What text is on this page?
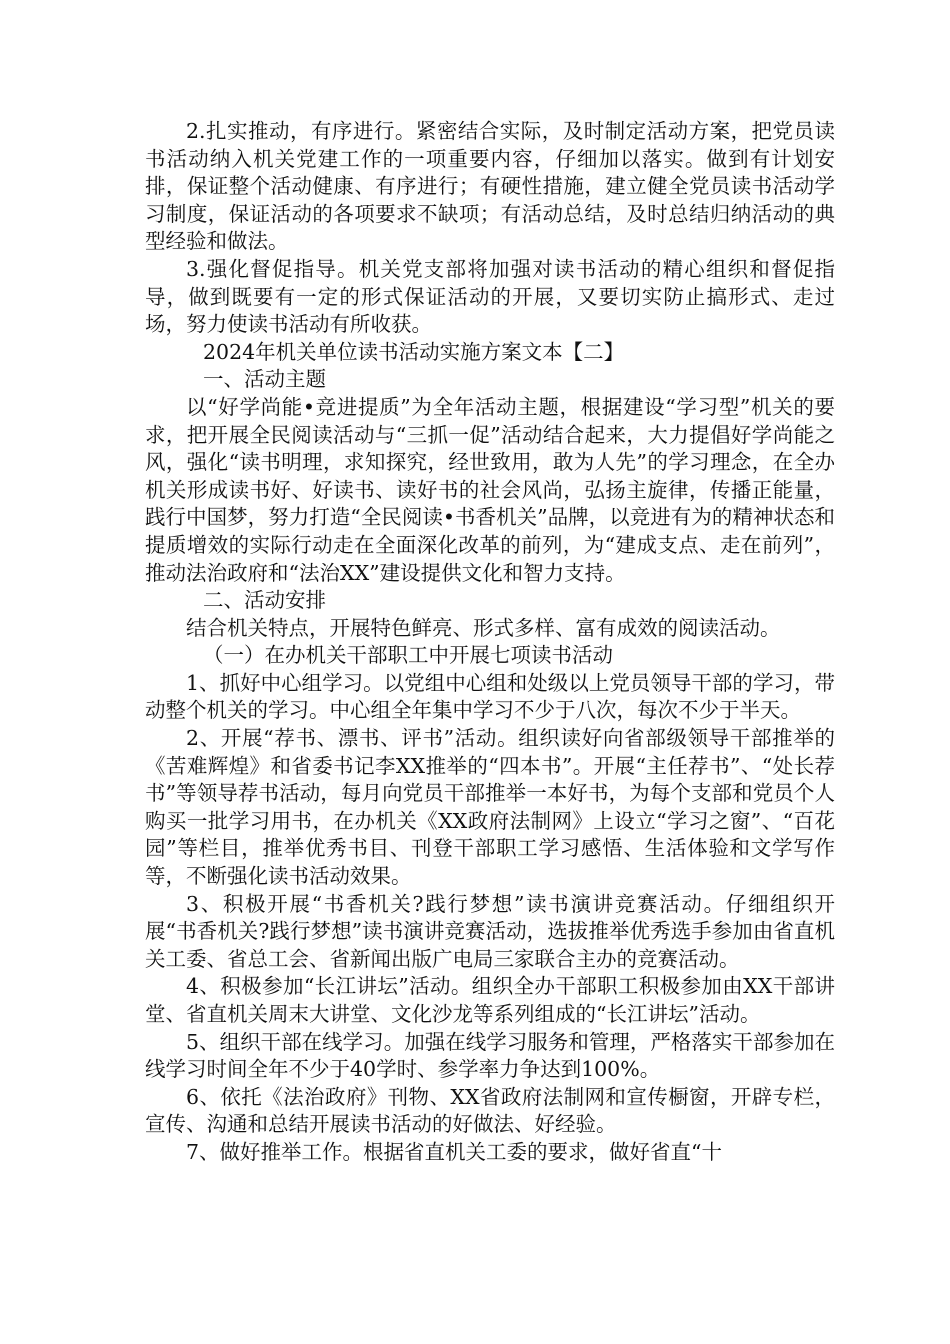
2.扎实推动，有序进行。紧密结合实际，及时制定活动方案，把党员读书活动纳入机关党建工作的一项重要内容，仔细加以落实。做到有计划安排，保证整个活动健康、有序进行；有硬性措施，建立健全党员读书活动学习制度，保证活动的各项要求不缺项；有活动总结，及时总结归纳活动的典型经验和做法。

3.强化督促指导。机关党支部将加强对读书活动的精心组织和督促指导，做到既要有一定的形式保证活动的开展，又要切实防止搞形式、走过场，努力使读书活动有所收获。

2024年机关单位读书活动实施方案文本【二】

一、活动主题

以“好学尚能•竞进提质”为全年活动主题，根据建设“学习型”机关的要求，把开展全民阅读活动与“三抓一促”活动结合起来，大力提倡好学尚能之风，强化“读书明理，求知探究，经世致用，敢为人先”的学习理念，在全办机关形成读书好、好读书、读好书的社会风尚，弘扬主旋律，传播正能量，践行中国梦，努力打造“全民阅读•书香机关”品牌，以竞进有为的精神状态和提质增效的实际行动走在全面深化改革的前列，为“建成支点、走在前列”，推动法治政府和“法治XX”建设提供文化和智力支持。

二、活动安排

结合机关特点，开展特色鲜亮、形式多样、富有成效的阅读活动。

（一）在办机关干部职工中开展七项读书活动

1、抓好中心组学习。以党组中心组和处级以上党员领导干部的学习，带动整个机关的学习。中心组全年集中学习不少于八次，每次不少于半天。

2、开展“荐书、漂书、评书”活动。组织读好向省部级领导干部推举的《苦难辉煌》和省委书记李XX推举的“四本书”。开展“主任荐书”、“处长荐书”等领导荐书活动，每月向党员干部推举一本好书，为每个支部和党员个人购买一批学习用书，在办机关《XX政府法制网》上设立“学习之窗”、“百花园”等栏目，推举优秀书目、刊登干部职工学习感悟、生活体验和文学写作等，不断强化读书活动效果。

3、积极开展“书香机关?践行梦想”读书演讲竞赛活动。仔细组织开展“书香机关?践行梦想”读书演讲竞赛活动，选拔推举优秀选手参加由省直机关工委、省总工会、省新闻出版广电局三家联合主办的竞赛活动。

4、积极参加“长江讲坛”活动。组织全办干部职工积极参加由XX干部讲堂、省直机关周末大讲堂、文化沙龙等系列组成的“长江讲坛”活动。

5、组织干部在线学习。加强在线学习服务和管理，严格落实干部参加在线学习时间全年不少于40学时、参学率力争达到100%。

6、依托《法治政府》刊物、XX省政府法制网和宣传橱窗，开辟专栏，宣传、沟通和总结开展读书活动的好做法、好经验。

7、做好推举工作。根据省直机关工委的要求，做好省直“十
